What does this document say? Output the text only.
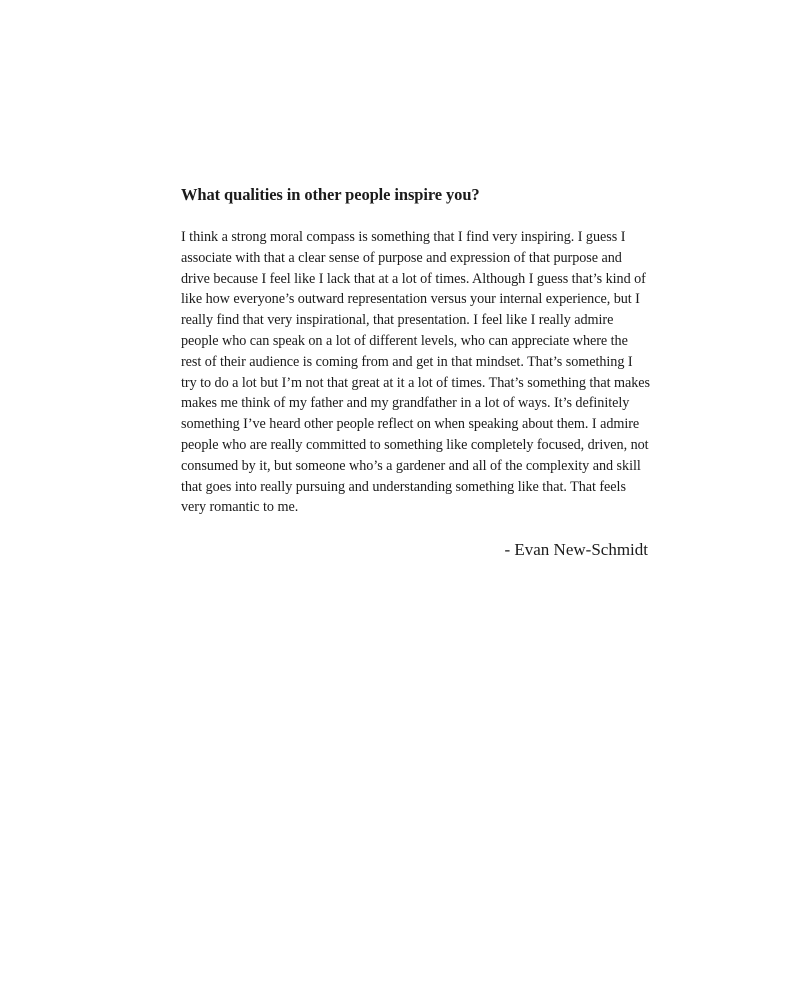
What qualities in other people inspire you?

I think a strong moral compass is something that I find very inspiring. I guess I associate with that a clear sense of purpose and expression of that purpose and drive because I feel like I lack that at a lot of times. Although I guess that’s kind of like how everyone’s outward representation versus your internal experience, but I really find that very inspirational, that presentation. I feel like I really admire people who can speak on a lot of different levels, who can appreciate where the rest of their audience is coming from and get in that mindset. That’s something I try to do a lot but I’m not that great at it a lot of times. That’s something that makes makes me think of my father and my grandfather in a lot of ways. It’s definitely something I’ve heard other people reflect on when speaking about them. I admire people who are really committed to something like completely focused, driven, not consumed by it, but someone who’s a gardener and all of the complexity and skill that goes into really pursuing and understanding something like that. That feels very romantic to me.

- Evan New-Schmidt
